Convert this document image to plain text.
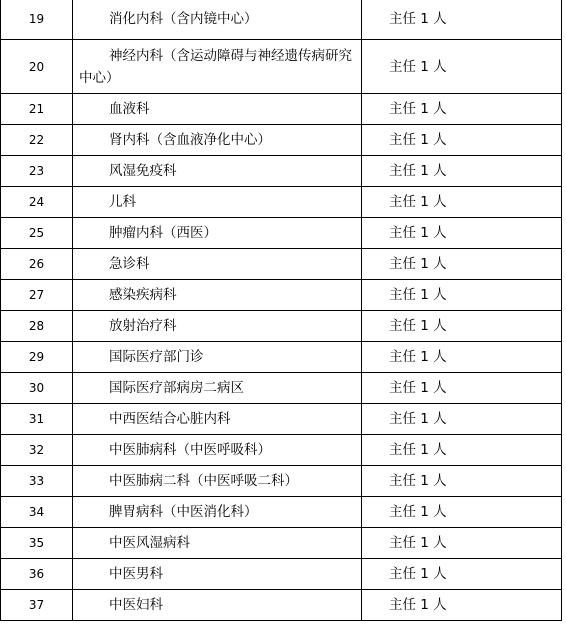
19	消化内科（含内镜中心）	主任 1 人
20	神经内科（含运动障碍与神经遗传病研究中心）	主任 1 人
21	血液科	主任 1 人
22	肾内科（含血液净化中心）	主任 1 人
23	风湿免疫科	主任 1 人
24	儿科	主任 1 人
25	肿瘤内科（西医）	主任 1 人
26	急诊科	主任 1 人
27	感染疾病科	主任 1 人
28	放射治疗科	主任 1 人
29	国际医疗部门诊	主任 1 人
30	国际医疗部病房二病区	主任 1 人
31	中西医结合心脏内科	主任 1 人
32	中医肺病科（中医呼吸科）	主任 1 人
33	中医肺病二科（中医呼吸二科）	主任 1 人
34	脾胃病科（中医消化科）	主任 1 人
35	中医风湿病科	主任 1 人
36	中医男科	主任 1 人
37	中医妇科	主任 1 人
